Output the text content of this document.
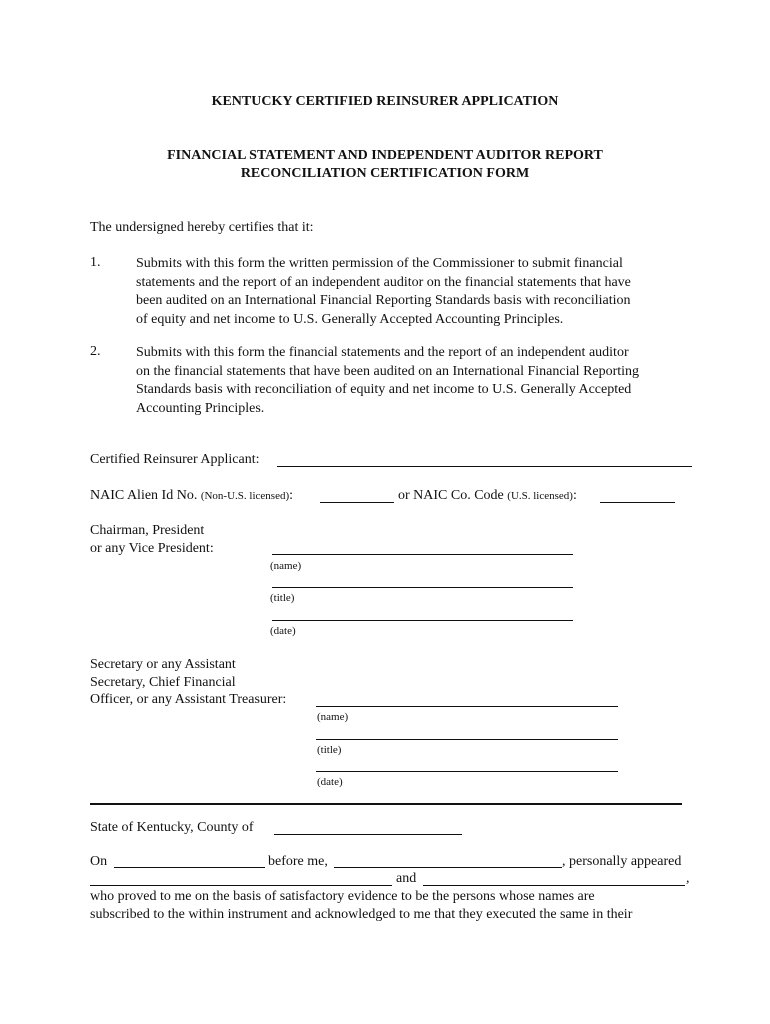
KENTUCKY CERTIFIED REINSURER APPLICATION
FINANCIAL STATEMENT AND INDEPENDENT AUDITOR REPORT
RECONCILIATION CERTIFICATION FORM
The undersigned hereby certifies that it:
1.	Submits with this form the written permission of the Commissioner to submit financial
statements and the report of an independent auditor on the financial statements that have
been audited on an International Financial Reporting Standards basis with reconciliation
of equity and net income to U.S. Generally Accepted Accounting Principles.
2.	Submits with this form the financial statements and the report of an independent auditor
on the financial statements that have been audited on an International Financial Reporting
Standards basis with reconciliation of equity and net income to U.S. Generally Accepted
Accounting Principles.
Certified Reinsurer Applicant:
NAIC Alien Id No. (Non-U.S. licensed):	or NAIC Co. Code (U.S. licensed):
Chairman, President
or any Vice President:
(name)
(title)
(date)
Secretary or any Assistant
Secretary, Chief Financial
Officer, or any Assistant Treasurer:
(name)
(title)
(date)
State of Kentucky, County of
On	before me,	, personally appeared
and	,
who proved to me on the basis of satisfactory evidence to be the persons whose names are
subscribed to the within instrument and acknowledged to me that they executed the same in their
